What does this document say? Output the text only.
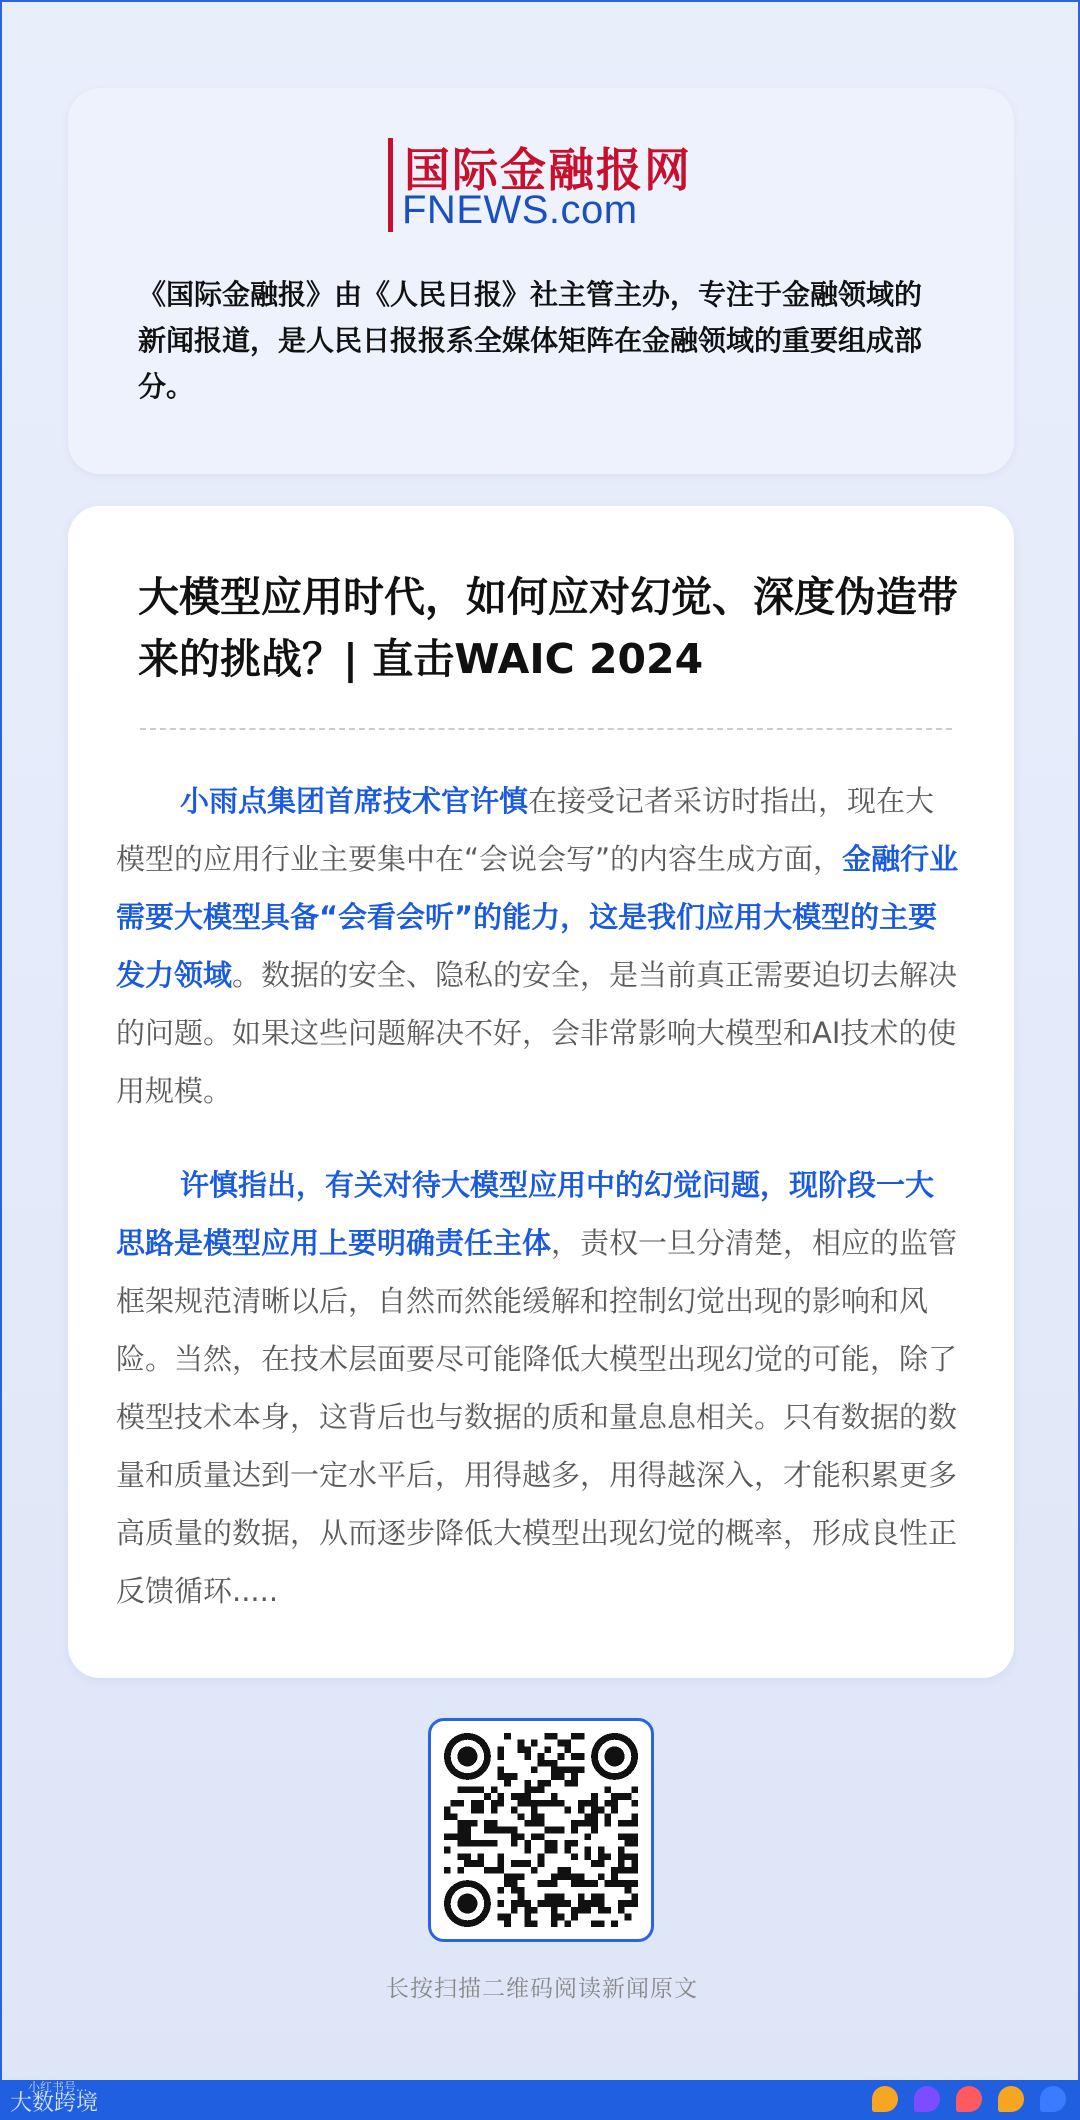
国际金融报网
FNEWS.com

《国际金融报》由《人民日报》社主管主办，专注于金融领域的新闻报道，是人民日报报系全媒体矩阵在金融领域的重要组成部分。

大模型应用时代，如何应对幻觉、深度伪造带来的挑战？| 直击WAIC 2024

小雨点集团首席技术官许慎在接受记者采访时指出，现在大模型的应用行业主要集中在“会说会写”的内容生成方面，金融行业需要大模型具备“会看会听”的能力，这是我们应用大模型的主要发力领域。数据的安全、隐私的安全，是当前真正需要迫切去解决的问题。如果这些问题解决不好，会非常影响大模型和AI技术的使用规模。

许慎指出，有关对待大模型应用中的幻觉问题，现阶段一大思路是模型应用上要明确责任主体，责权一旦分清楚，相应的监管框架规范清晰以后，自然而然能缓解和控制幻觉出现的影响和风险。当然，在技术层面要尽可能降低大模型出现幻觉的可能，除了模型技术本身，这背后也与数据的质和量息息相关。只有数据的数量和质量达到一定水平后，用得越多，用得越深入，才能积累更多高质量的数据，从而逐步降低大模型出现幻觉的概率，形成良性正反馈循环.....

长按扫描二维码阅读新闻原文
大数跨境
小红书号...
